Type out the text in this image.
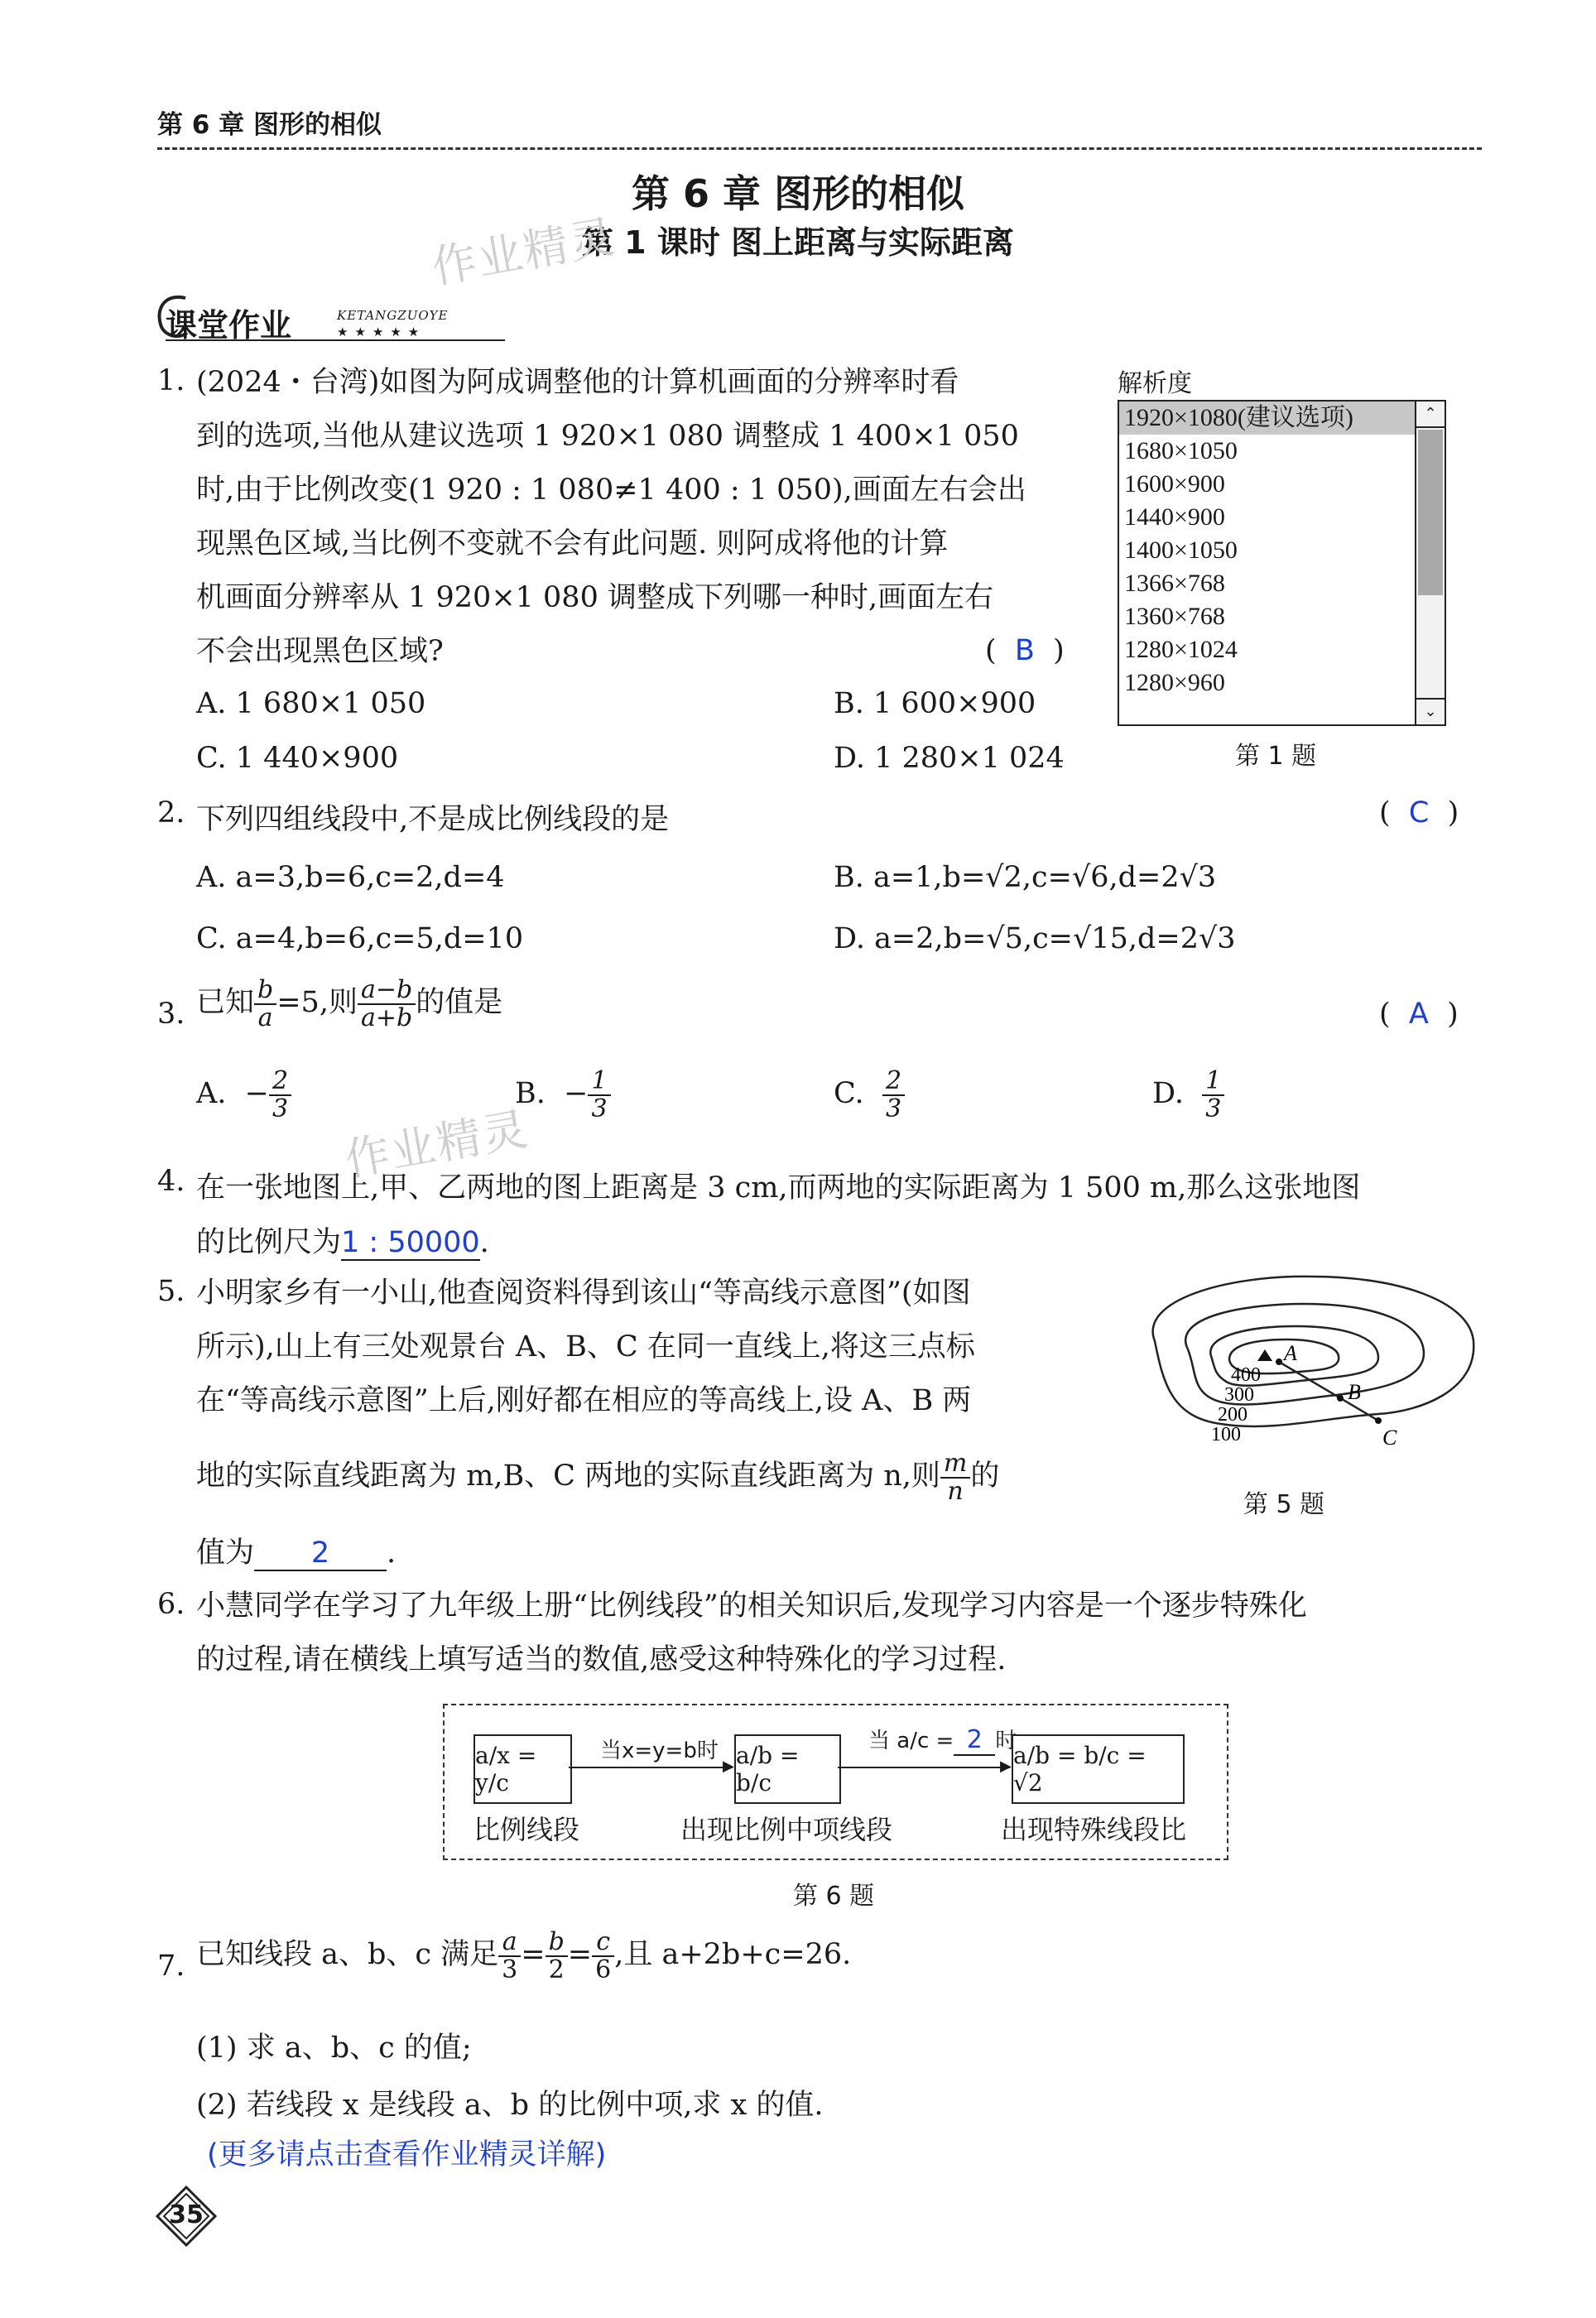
第 6 章 图形的相似
第 6 章 图形的相似
第 1 课时 图上距离与实际距离
作业精灵
作业精灵
课堂作业	KETANGZUOYE
★★★★★
1. (2024・台湾)如图为阿成调整他的计算机画面的分辨率时看
到的选项,当他从建议选项 1 920×1 080 调整成 1 400×1 050
时,由于比例改变(1 920 : 1 080≠1 400 : 1 050),画面左右会出
现黑色区域,当比例不变就不会有此问题. 则阿成将他的计算
机画面分辨率从 1 920×1 080 调整成下列哪一种时,画面左右
不会出现黑色区域?	(  B  )
A. 1 680×1 050	B. 1 600×900
C. 1 440×900	D. 1 280×1 024
解析度
1920×1080(建议选项)
1680×1050
1600×900
1440×900
1400×1050
1366×768
1360×768
1280×1024
1280×960
⌃
⌄
第 1 题
2. 下列四组线段中,不是成比例线段的是	(  C  )
A. a=3,b=6,c=2,d=4	B. a=1,b=√2,c=√6,d=2√3
C. a=4,b=6,c=5,d=10	D. a=2,b=√5,c=√15,d=2√3
3. 已知 $\frac{b}{a} =5$,则 $\frac{a-b}{a+b}$ 的值是	(  A  )
A. − $\frac{2}{3}$	B. − $\frac{1}{3}$	C. $\frac{2}{3}$	D. $\frac{1}{3}$
4. 在一张地图上,甲、乙两地的图上距离是 3 cm,而两地的实际距离为 1 500 m,那么这张地图
的比例尺为1 : 50000.
5. 小明家乡有一小山,他查阅资料得到该山“等高线示意图”(如图
所示),山上有三处观景台 A、B、C 在同一直线上,将这三点标
在“等高线示意图”上后,刚好都在相应的等高线上,设 A、B 两
地的实际直线距离为 m,B、C 两地的实际直线距离为 n,则 $\frac{m}{n}$ 的
值为 2 .
A
B
C
400
300
200
100
第 5 题
6. 小慧同学在学习了九年级上册“比例线段”的相关知识后,发现学习内容是一个逐步特殊化
的过程,请在横线上填写适当的数值,感受这种特殊化的学习过程.
a/x = y/c
a/b = b/c
a/b = b/c = √2
当x=y=b时
▶
当 a/c = 2 时
▶
比例线段	出现比例中项线段	出现特殊线段比
第 6 题
7. 已知线段 a、b、c 满足 $\frac{a}{3} = \frac{b}{2} = \frac{c}{6}$ ,且 a+2b+c=26.
(1) 求 a、b、c 的值;
(2) 若线段 x 是线段 a、b 的比例中项,求 x 的值.
(更多请点击查看作业精灵详解)
35
